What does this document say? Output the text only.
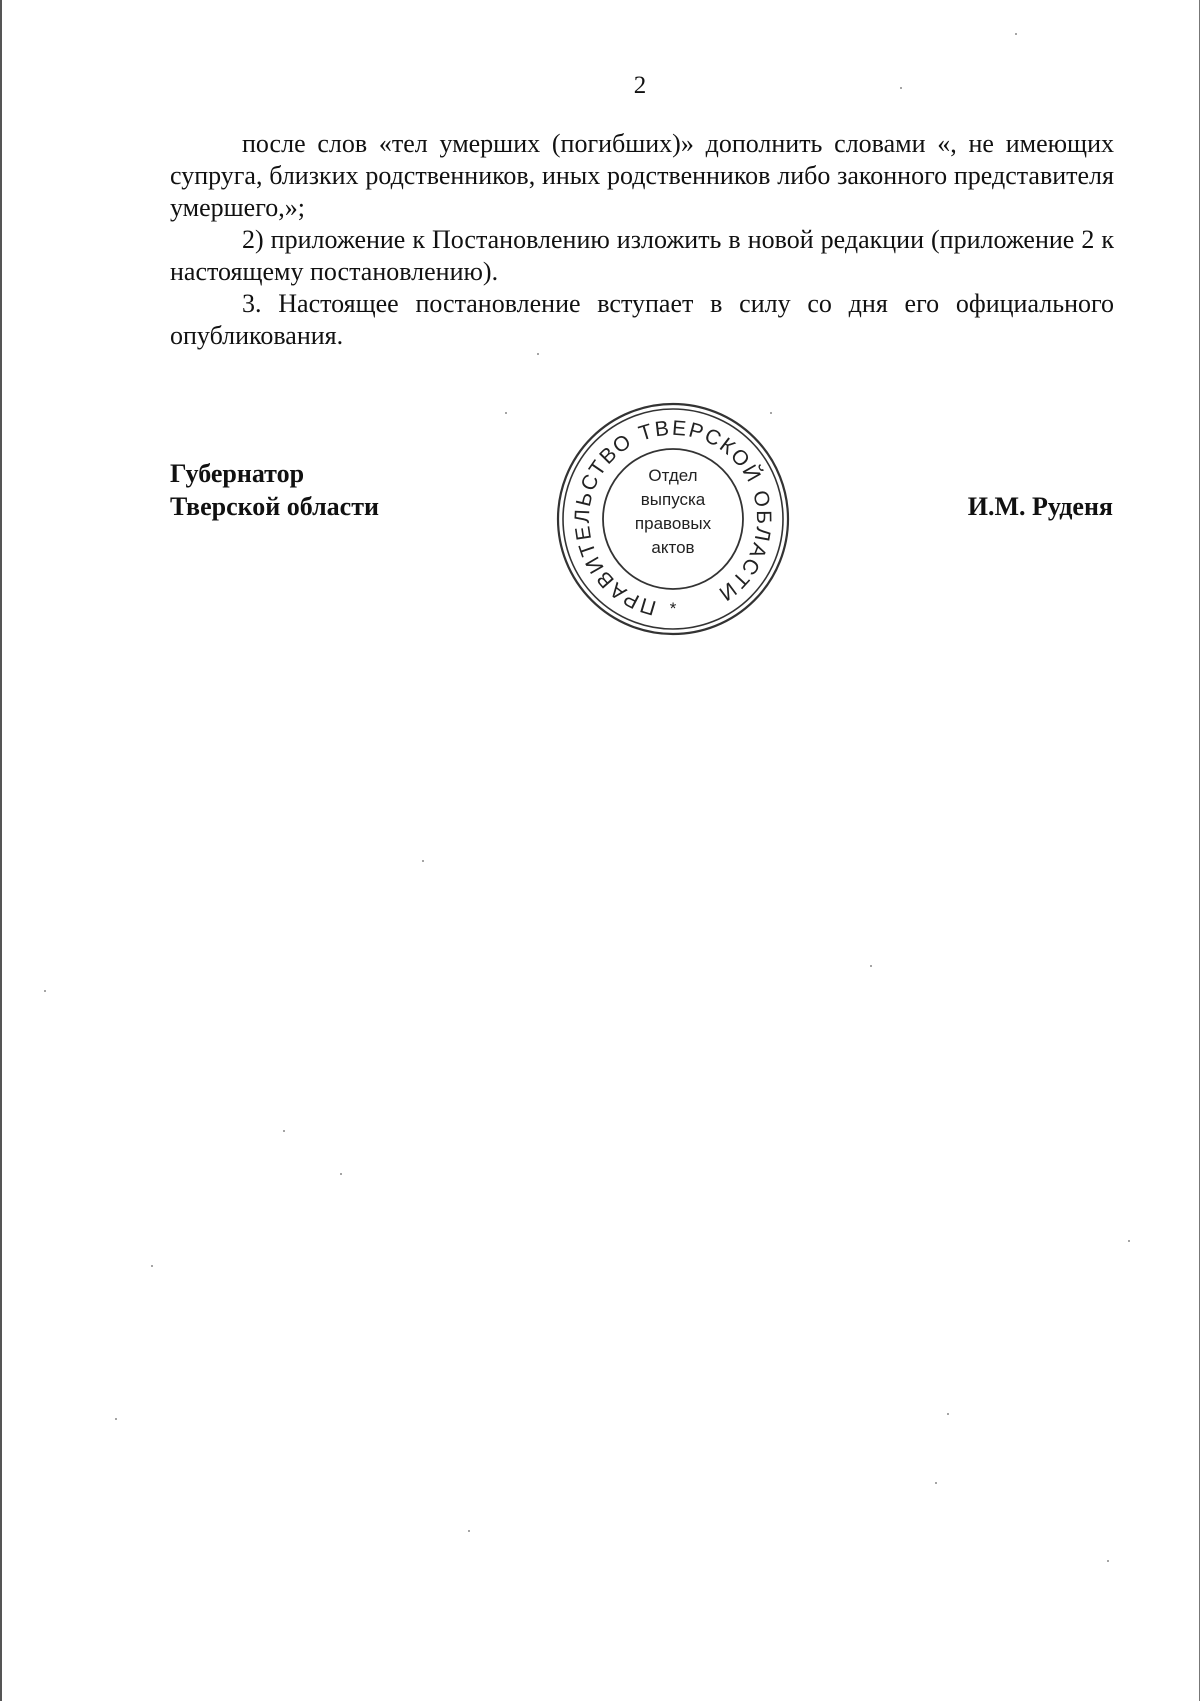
2

после слов «тел умерших (погибших)» дополнить словами «, не имеющих супруга, близких родственников, иных родственников либо законного представителя умершего,»;

2) приложение к Постановлению изложить в новой редакции (приложение 2 к настоящему постановлению).

3. Настоящее постановление вступает в силу со дня его официального опубликования.

Губернатор
Тверской области	И.М. Руденя
ПРАВИТЕЛЬСТВО ТВЕРСКОЙ ОБЛАСТИ
Отдел
выпуска
правовых
актов
*
